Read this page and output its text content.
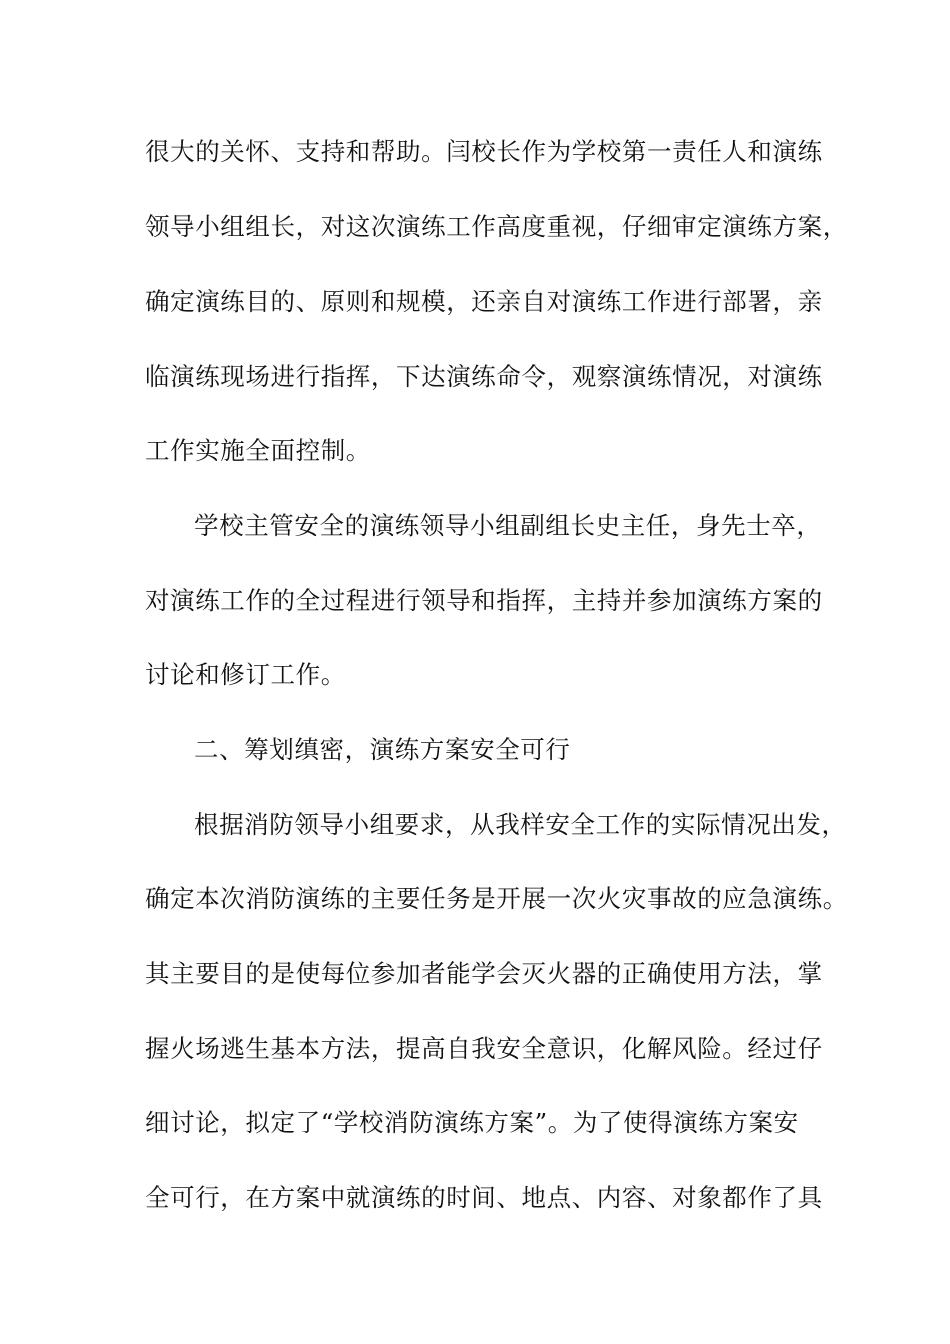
很大的关怀、支持和帮助。闫校长作为学校第一责任人和演练
领导小组组长，对这次演练工作高度重视，仔细审定演练方案，
确定演练目的、原则和规模，还亲自对演练工作进行部署，亲
临演练现场进行指挥，下达演练命令，观察演练情况，对演练
工作实施全面控制。
学校主管安全的演练领导小组副组长史主任，身先士卒，
对演练工作的全过程进行领导和指挥，主持并参加演练方案的
讨论和修订工作。
二、筹划缜密，演练方案安全可行
根据消防领导小组要求，从我样安全工作的实际情况出发，
确定本次消防演练的主要任务是开展一次火灾事故的应急演练。
其主要目的是使每位参加者能学会灭火器的正确使用方法，掌
握火场逃生基本方法，提高自我安全意识，化解风险。经过仔
细讨论，拟定了“学校消防演练方案”。为了使得演练方案安
全可行，在方案中就演练的时间、地点、内容、对象都作了具
